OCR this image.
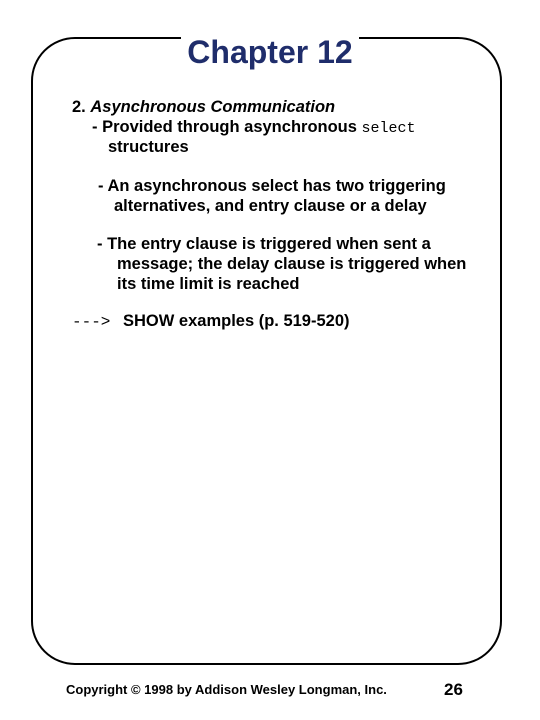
Chapter 12
2. Asynchronous Communication
- Provided through asynchronous select
structures
- An asynchronous select has two triggering
alternatives, and entry clause or a delay
- The entry clause is triggered when sent a
message; the delay clause is triggered when
its time limit is reached
---> SHOW examples (p. 519-520)
Copyright © 1998 by Addison Wesley Longman, Inc.	26
